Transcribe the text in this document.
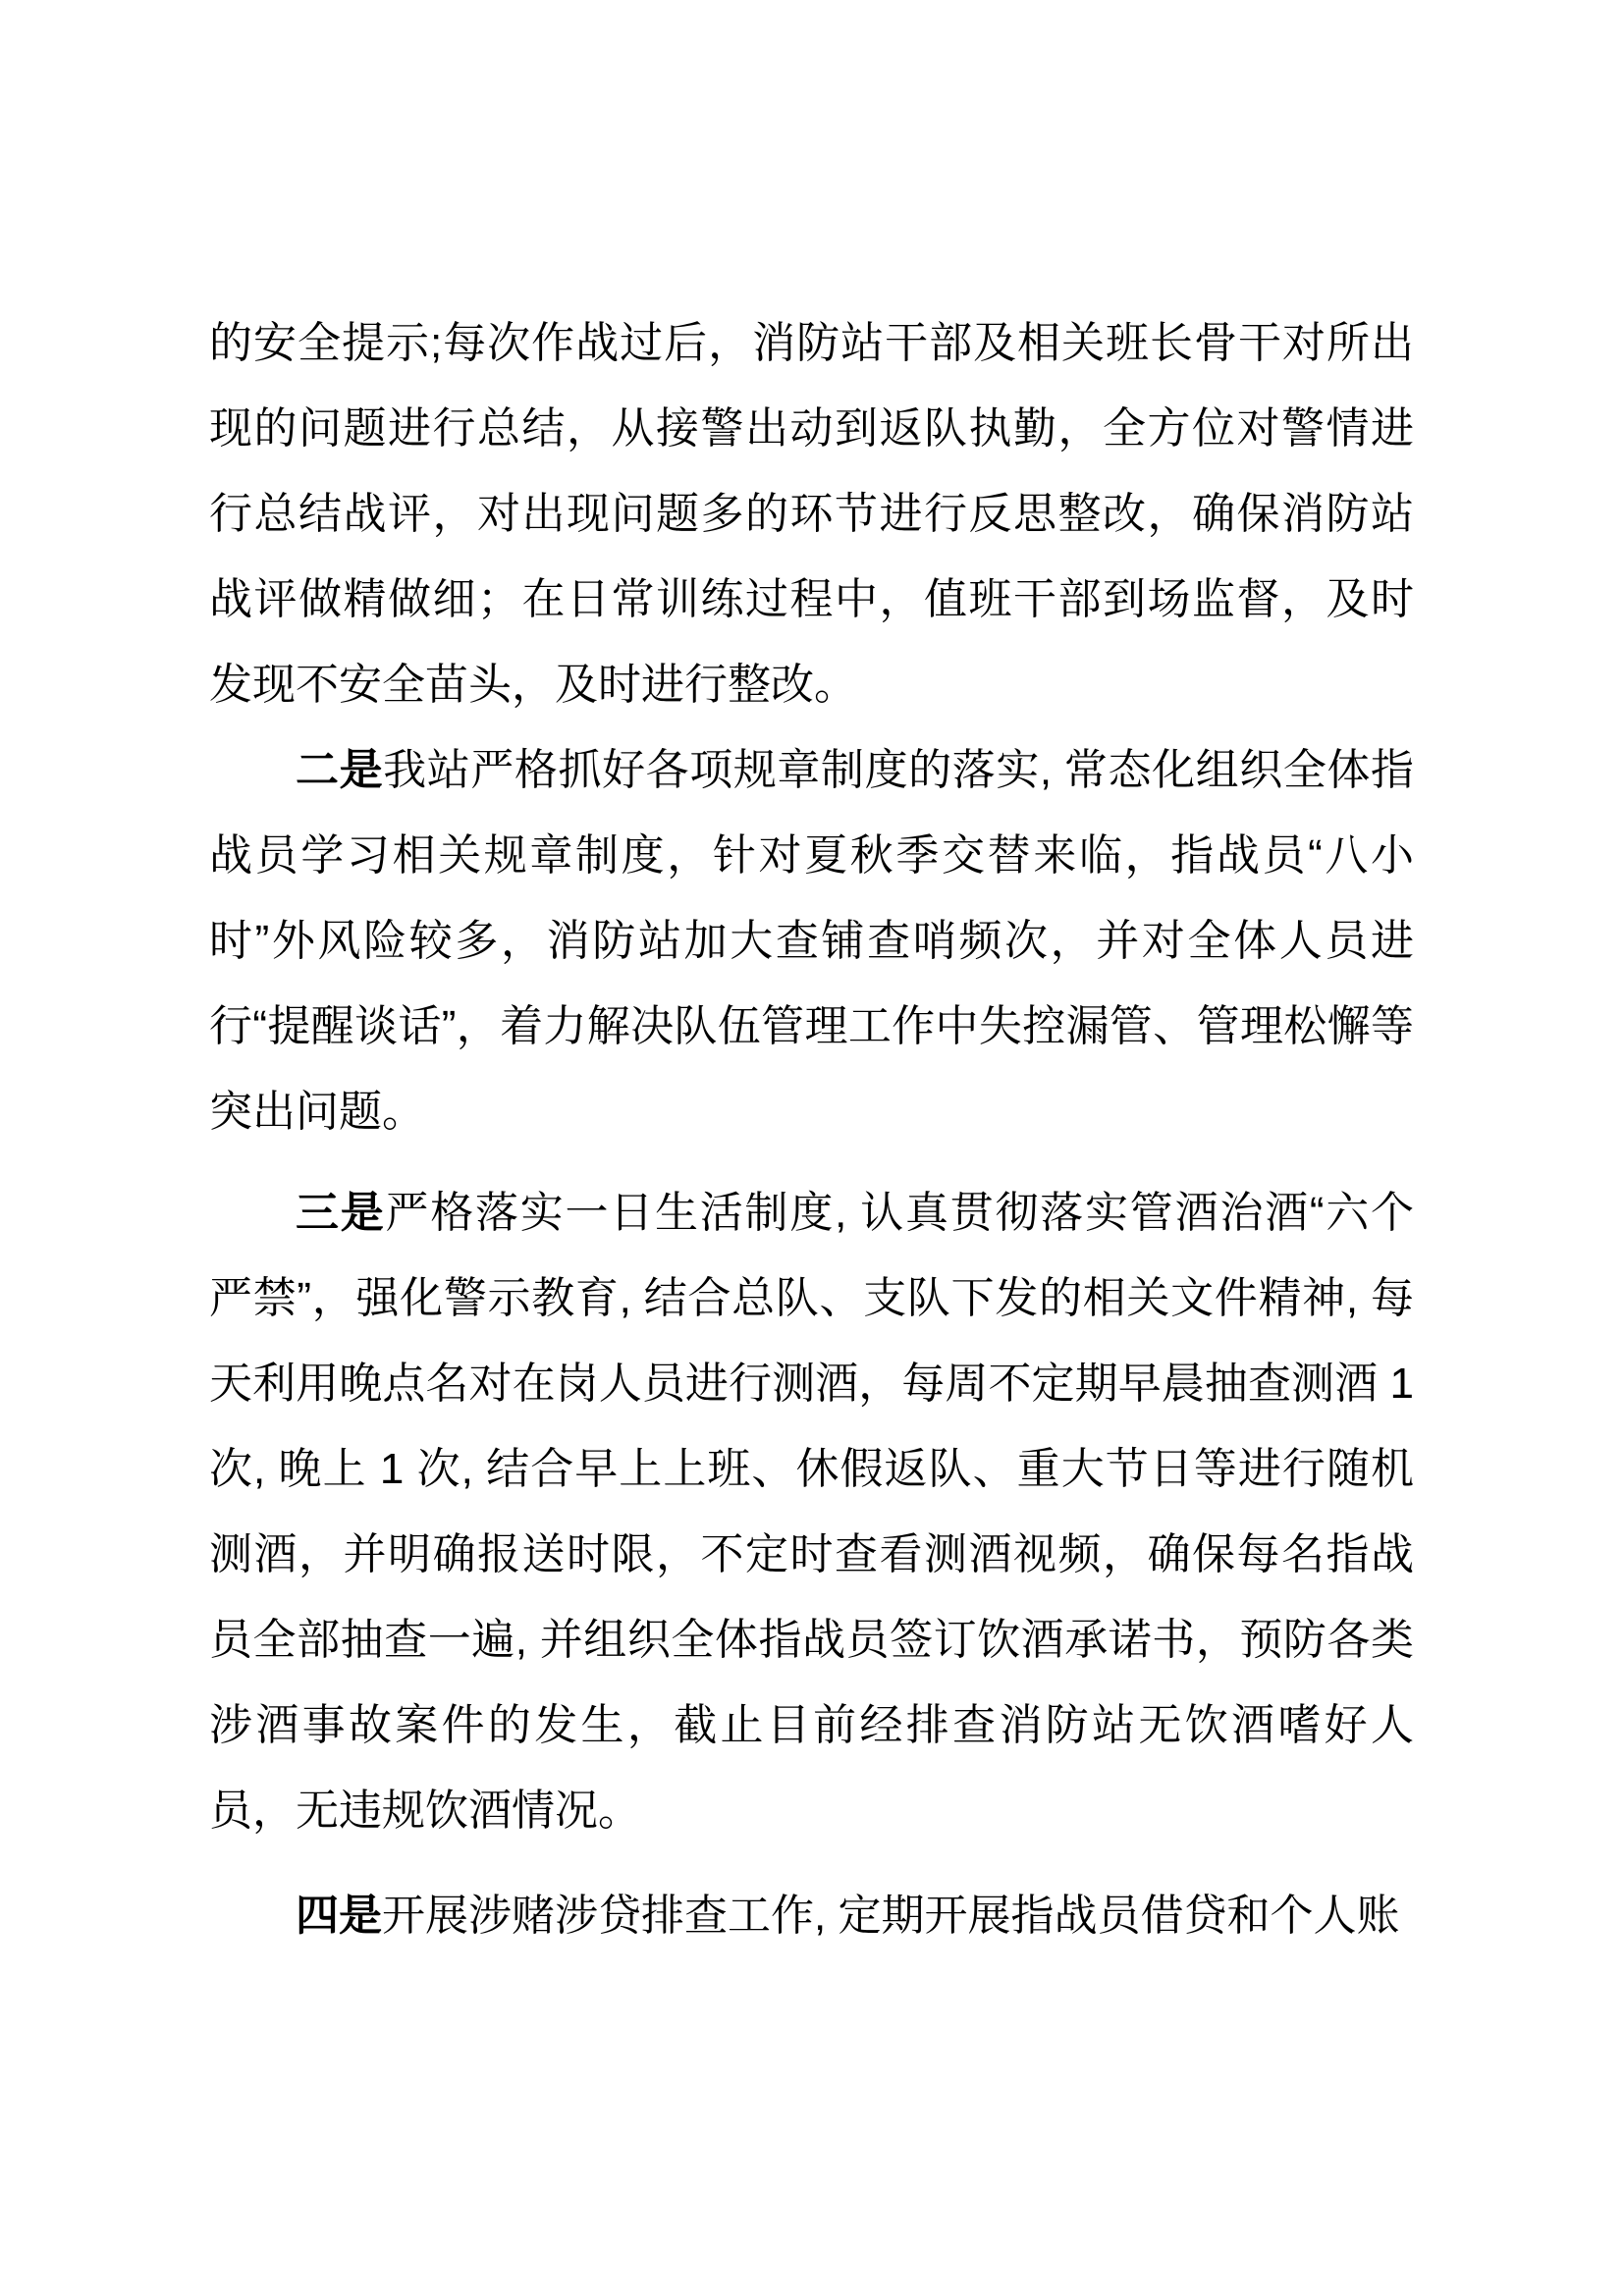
的安全提示;每次作战过后，消防站干部及相关班长骨干对所出现的问题进行总结，从接警出动到返队执勤，全方位对警情进行总结战评，对出现问题多的环节进行反思整改，确保消防站战评做精做细；在日常训练过程中，值班干部到场监督，及时发现不安全苗头，及时进行整改。

二是我站严格抓好各项规章制度的落实, 常态化组织全体指战员学习相关规章制度，针对夏秋季交替来临，指战员“八小时”外风险较多，消防站加大查铺查哨频次，并对全体人员进行“提醒谈话”，着力解决队伍管理工作中失控漏管、管理松懈等突出问题。

三是严格落实一日生活制度, 认真贯彻落实管酒治酒“六个严禁”，强化警示教育, 结合总队、支队下发的相关文件精神, 每天利用晚点名对在岗人员进行测酒，每周不定期早晨抽查测酒 1 次, 晚上 1 次, 结合早上上班、休假返队、重大节日等进行随机测酒，并明确报送时限，不定时查看测酒视频，确保每名指战员全部抽查一遍, 并组织全体指战员签订饮酒承诺书，预防各类涉酒事故案件的发生，截止目前经排查消防站无饮酒嗜好人员，无违规饮酒情况。

四是开展涉赌涉贷排查工作, 定期开展指战员借贷和个人账
